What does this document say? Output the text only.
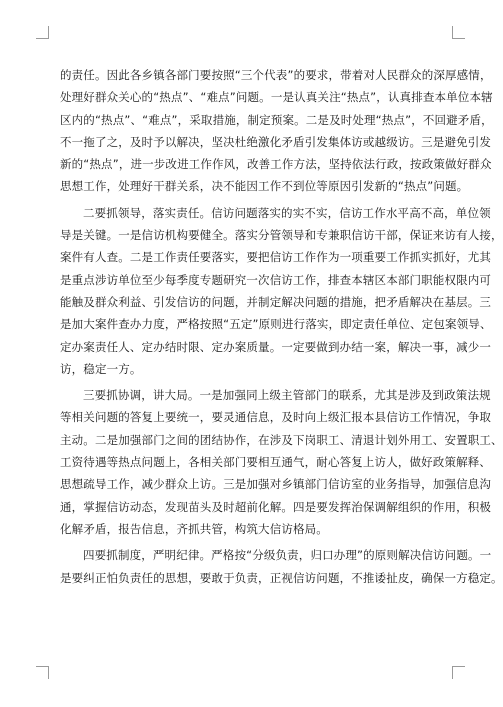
的责任。因此各乡镇各部门要按照“三个代表”的要求，带着对人民群众的深厚感情，
处理好群众关心的“热点”、“难点”问题。一是认真关注“热点”，认真排查本单位本辖
区内的“热点”、“难点”，采取措施，制定预案。二是及时处理“热点”，不回避矛盾，
不一拖了之，及时予以解决，坚决杜绝激化矛盾引发集体访或越级访。三是避免引发
新的“热点”，进一步改进工作作风，改善工作方法，坚持依法行政，按政策做好群众
思想工作，处理好干群关系，决不能因工作不到位等原因引发新的“热点”问题。
二要抓领导，落实责任。信访问题落实的实不实，信访工作水平高不高，单位领
导是关键。一是信访机构要健全。落实分管领导和专兼职信访干部，保证来访有人接，
案件有人查。二是工作责任要落实，要把信访工作作为一项重要工作抓实抓好，尤其
是重点涉访单位至少每季度专题研究一次信访工作，排查本辖区本部门职能权限内可
能触及群众利益、引发信访的问题，并制定解决问题的措施，把矛盾解决在基层。三
是加大案件查办力度，严格按照“五定”原则进行落实，即定责任单位、定包案领导、
定办案责任人、定办结时限、定办案质量。一定要做到办结一案，解决一事，减少一
访，稳定一方。
三要抓协调，讲大局。一是加强同上级主管部门的联系，尤其是涉及到政策法规
等相关问题的答复上要统一，要灵通信息，及时向上级汇报本县信访工作情况，争取
主动。二是加强部门之间的团结协作，在涉及下岗职工、清退计划外用工、安置职工、
工资待遇等热点问题上，各相关部门要相互通气，耐心答复上访人，做好政策解释、
思想疏导工作，减少群众上访。三是加强对乡镇部门信访室的业务指导，加强信息沟
通，掌握信访动态，发现苗头及时超前化解。四是要发挥治保调解组织的作用，积极
化解矛盾，报告信息，齐抓共管，构筑大信访格局。
四要抓制度，严明纪律。严格按“分级负责，归口办理”的原则解决信访问题。一
是要纠正怕负责任的思想，要敢于负责，正视信访问题，不推诿扯皮，确保一方稳定。
